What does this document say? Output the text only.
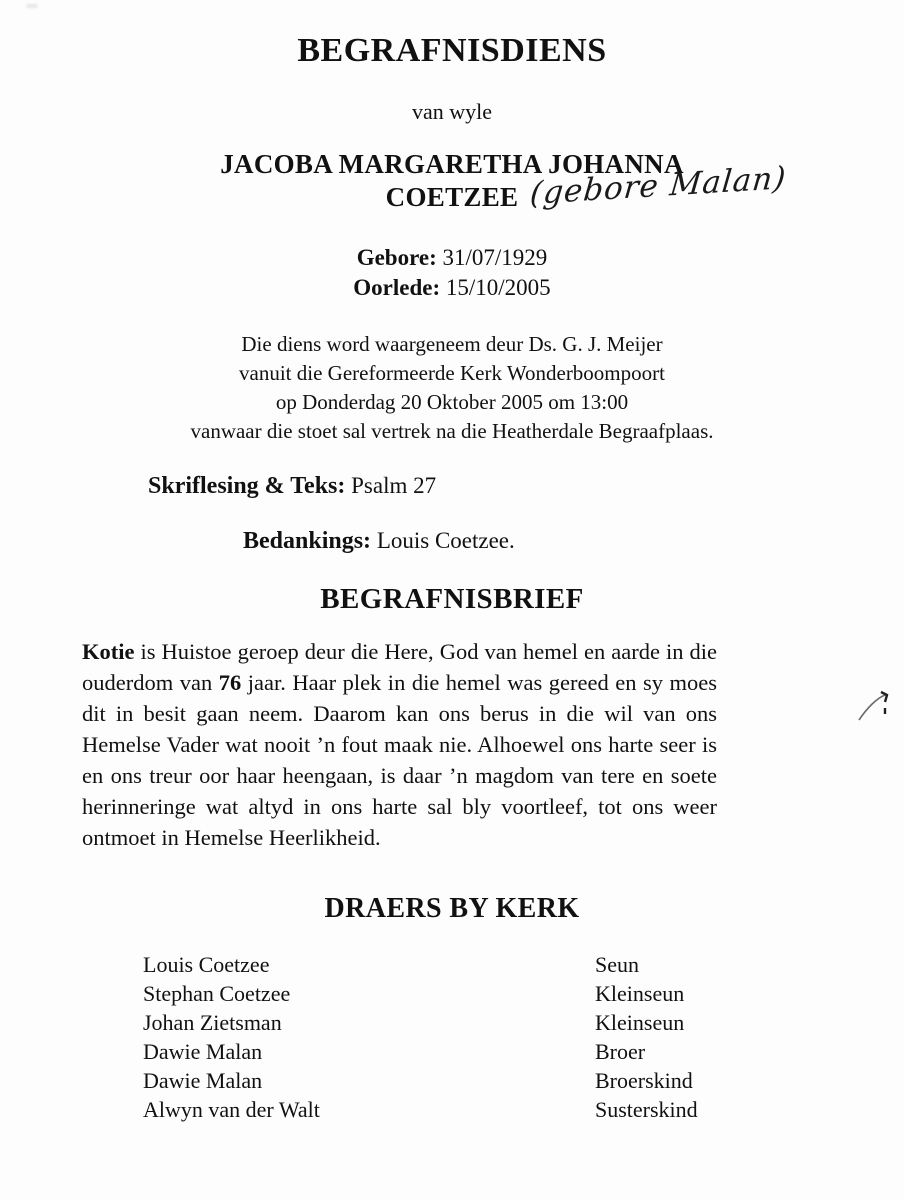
BEGRAFNISDIENS
van wyle
JACOBA MARGARETHA JOHANNA
COETZEE (gebore Malan)
Gebore: 31/07/1929
Oorlede: 15/10/2005
Die diens word waargeneem deur Ds. G. J. Meijer
vanuit die Gereformeerde Kerk Wonderboompoort
op Donderdag 20 Oktober 2005 om 13:00
vanwaar die stoet sal vertrek na die Heatherdale Begraafplaas.
Skriflesing & Teks: Psalm 27
Bedankings: Louis Coetzee.
BEGRAFNISBRIEF
Kotie is Huistoe geroep deur die Here, God van hemel en aarde in die ouderdom van 76 jaar. Haar plek in die hemel was gereed en sy moes dit in besit gaan neem. Daarom kan ons berus in die wil van ons Hemelse Vader wat nooit ’n fout maak nie. Alhoewel ons harte seer is en ons treur oor haar heengaan, is daar ’n magdom van tere en soete herinneringe wat altyd in ons harte sal bly voortleef, tot ons weer ontmoet in Hemelse Heerlikheid.
DRAERS BY KERK
Louis Coetzee	Seun
Stephan Coetzee	Kleinseun
Johan Zietsman	Kleinseun
Dawie Malan	Broer
Dawie Malan	Broerskind
Alwyn van der Walt	Susterskind
